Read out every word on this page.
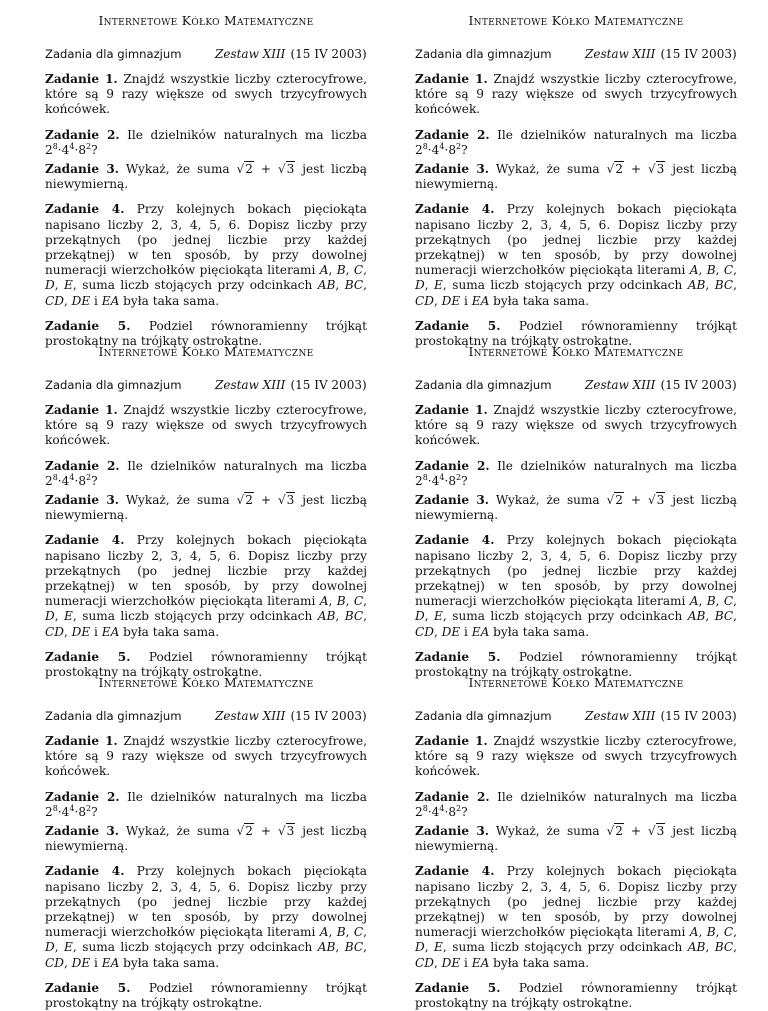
Internetowe Kółko Matematyczne
Zadania dla gimnazjum	Zestaw XIII (15 IV 2003)

Zadanie 1. Znajdź wszystkie liczby czterocyfrowe, które są 9 razy większe od swych trzycyfrowych końcówek.

Zadanie 2. Ile dzielników naturalnych ma liczba $2^8\cdot 4^4\cdot 8^2$?

Zadanie 3. Wykaż, że suma √2 + √3 jest liczbą niewymierną.

Zadanie 4. Przy kolejnych bokach pięciokąta napisano liczby 2, 3, 4, 5, 6. Dopisz liczby przy przekątnych (po jednej liczbie przy każdej przekątnej) w ten sposób, by przy dowolnej numeracji wierzchołków pięciokąta literami A, B, C, D, E, suma liczb stojących przy odcinkach AB, BC, CD, DE i EA była taka sama.

Zadanie 5. Podziel równoramienny trójkąt prostokątny na trójkąty ostrokątne.

Internetowe Kółko Matematyczne
Zadania dla gimnazjum	Zestaw XIII (15 IV 2003)

Zadanie 1. Znajdź wszystkie liczby czterocyfrowe, które są 9 razy większe od swych trzycyfrowych końcówek.

Zadanie 2. Ile dzielników naturalnych ma liczba $2^8\cdot 4^4\cdot 8^2$?

Zadanie 3. Wykaż, że suma √2 + √3 jest liczbą niewymierną.

Zadanie 4. Przy kolejnych bokach pięciokąta napisano liczby 2, 3, 4, 5, 6. Dopisz liczby przy przekątnych (po jednej liczbie przy każdej przekątnej) w ten sposób, by przy dowolnej numeracji wierzchołków pięciokąta literami A, B, C, D, E, suma liczb stojących przy odcinkach AB, BC, CD, DE i EA była taka sama.

Zadanie 5. Podziel równoramienny trójkąt prostokątny na trójkąty ostrokątne.

Internetowe Kółko Matematyczne
Zadania dla gimnazjum	Zestaw XIII (15 IV 2003)

Zadanie 1. Znajdź wszystkie liczby czterocyfrowe, które są 9 razy większe od swych trzycyfrowych końcówek.

Zadanie 2. Ile dzielników naturalnych ma liczba $2^8\cdot 4^4\cdot 8^2$?

Zadanie 3. Wykaż, że suma √2 + √3 jest liczbą niewymierną.

Zadanie 4. Przy kolejnych bokach pięciokąta napisano liczby 2, 3, 4, 5, 6. Dopisz liczby przy przekątnych (po jednej liczbie przy każdej przekątnej) w ten sposób, by przy dowolnej numeracji wierzchołków pięciokąta literami A, B, C, D, E, suma liczb stojących przy odcinkach AB, BC, CD, DE i EA była taka sama.

Zadanie 5. Podziel równoramienny trójkąt prostokątny na trójkąty ostrokątne.

Internetowe Kółko Matematyczne
Zadania dla gimnazjum	Zestaw XIII (15 IV 2003)

Zadanie 1. Znajdź wszystkie liczby czterocyfrowe, które są 9 razy większe od swych trzycyfrowych końcówek.

Zadanie 2. Ile dzielników naturalnych ma liczba $2^8\cdot 4^4\cdot 8^2$?

Zadanie 3. Wykaż, że suma √2 + √3 jest liczbą niewymierną.

Zadanie 4. Przy kolejnych bokach pięciokąta napisano liczby 2, 3, 4, 5, 6. Dopisz liczby przy przekątnych (po jednej liczbie przy każdej przekątnej) w ten sposób, by przy dowolnej numeracji wierzchołków pięciokąta literami A, B, C, D, E, suma liczb stojących przy odcinkach AB, BC, CD, DE i EA była taka sama.

Zadanie 5. Podziel równoramienny trójkąt prostokątny na trójkąty ostrokątne.

Internetowe Kółko Matematyczne
Zadania dla gimnazjum	Zestaw XIII (15 IV 2003)

Zadanie 1. Znajdź wszystkie liczby czterocyfrowe, które są 9 razy większe od swych trzycyfrowych końcówek.

Zadanie 2. Ile dzielników naturalnych ma liczba $2^8\cdot 4^4\cdot 8^2$?

Zadanie 3. Wykaż, że suma √2 + √3 jest liczbą niewymierną.

Zadanie 4. Przy kolejnych bokach pięciokąta napisano liczby 2, 3, 4, 5, 6. Dopisz liczby przy przekątnych (po jednej liczbie przy każdej przekątnej) w ten sposób, by przy dowolnej numeracji wierzchołków pięciokąta literami A, B, C, D, E, suma liczb stojących przy odcinkach AB, BC, CD, DE i EA była taka sama.

Zadanie 5. Podziel równoramienny trójkąt prostokątny na trójkąty ostrokątne.

Internetowe Kółko Matematyczne
Zadania dla gimnazjum	Zestaw XIII (15 IV 2003)

Zadanie 1. Znajdź wszystkie liczby czterocyfrowe, które są 9 razy większe od swych trzycyfrowych końcówek.

Zadanie 2. Ile dzielników naturalnych ma liczba $2^8\cdot 4^4\cdot 8^2$?

Zadanie 3. Wykaż, że suma √2 + √3 jest liczbą niewymierną.

Zadanie 4. Przy kolejnych bokach pięciokąta napisano liczby 2, 3, 4, 5, 6. Dopisz liczby przy przekątnych (po jednej liczbie przy każdej przekątnej) w ten sposób, by przy dowolnej numeracji wierzchołków pięciokąta literami A, B, C, D, E, suma liczb stojących przy odcinkach AB, BC, CD, DE i EA była taka sama.

Zadanie 5. Podziel równoramienny trójkąt prostokątny na trójkąty ostrokątne.
